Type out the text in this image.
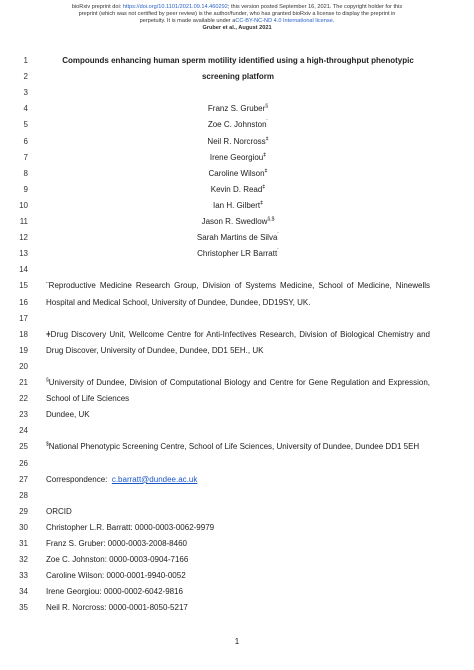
bioRxiv preprint doi: https://doi.org/10.1101/2021.09.14.460292; this version posted September 16, 2021. The copyright holder for this
preprint (which was not certified by peer review) is the author/funder, who has granted bioRxiv a license to display the preprint in
perpetuity. It is made available under aCC-BY-NC-ND 4.0 International license.
Gruber et al., August 2021
1	Compounds enhancing human sperm motility identified using a high-throughput phenotypic
2	screening platform
3
4	Franz S. Gruber§
5	Zoe C. Johnston¨
6	Neil R. Norcross$^ǂ$
7	Irene Georgiou$^ǂ$
8	Caroline Wilson$^ǂ$
9	Kevin D. Read$^ǂ$
10	Ian H. Gilbert$^ǂ$
11	Jason R. Swedlow§,$
12	Sarah Martins de Silva¨
13	Christopher LR Barratt¨
14
15 ¨Reproductive Medicine Research Group, Division of Systems Medicine, School of Medicine, Ninewells
16 Hospital and Medical School, University of Dundee, Dundee, DD19SY, UK.
17
18 ǂDrug Discovery Unit, Wellcome Centre for Anti-Infectives Research, Division of Biological Chemistry and
19 Drug Discover, University of Dundee, Dundee, DD1 5EH., UK
20
21	§University of Dundee, Division of Computational Biology and Centre for Gene Regulation and Expression,
22 School of Life Sciences
23 Dundee, UK
24
25	$National Phenotypic Screening Centre, School of Life Sciences, University of Dundee, Dundee DD1 5EH
26
27 Correspondence: c.barratt@dundee.ac.uk
28
29 ORCID
30 Christopher L.R. Barratt: 0000-0003-0062-9979
31 Franz S. Gruber: 0000-0003-2008-8460
32 Zoe C. Johnston: 0000-0003-0904-7166
33 Caroline Wilson: 0000-0001-9940-0052
34 Irene Georgiou: 0000-0002-6042-9816
35 Neil R. Norcross: 0000-0001-8050-5217
1
